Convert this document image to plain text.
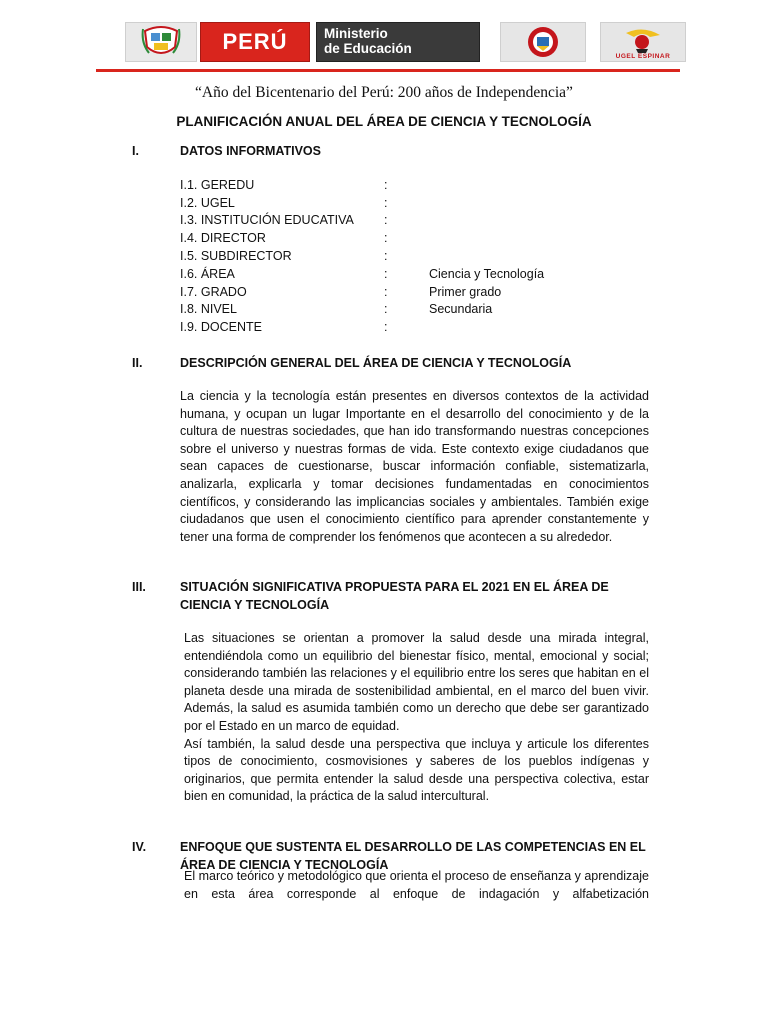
PERÚ	Ministerio
de Educación
UGEL ESPINAR
“Año del Bicentenario del Perú: 200 años de Independencia”
PLANIFICACIÓN ANUAL DEL ÁREA DE CIENCIA Y TECNOLOGÍA
I.	DATOS INFORMATIVOS
I.1. GEREDU	:
I.2. UGEL	:
I.3. INSTITUCIÓN EDUCATIVA :
I.4. DIRECTOR	:
I.5. SUBDIRECTOR	:
I.6. ÁREA	:	Ciencia y Tecnología
I.7. GRADO	:	Primer grado
I.8. NIVEL	:	Secundaria
I.9. DOCENTE	:
II.	DESCRIPCIÓN GENERAL DEL ÁREA DE CIENCIA Y TECNOLOGÍA

La ciencia y la tecnología están presentes en diversos contextos de la actividad humana, y ocupan un lugar Importante en el desarrollo del conocimiento y de la cultura de nuestras sociedades, que han ido transformando nuestras concepciones sobre el universo y nuestras formas de vida. Este contexto exige ciudadanos que sean capaces de cuestionarse, buscar información confiable, sistematizarla, analizarla, explicarla y tomar decisiones fundamentadas en conocimientos científicos, y considerando las implicancias sociales y ambientales. También exige ciudadanos que usen el conocimiento científico para aprender constantemente y tener una forma de comprender los fenómenos que acontecen a su alrededor.

III.	SITUACIÓN SIGNIFICATIVA PROPUESTA PARA EL 2021 EN EL ÁREA DE CIENCIA Y TECNOLOGÍA

Las situaciones se orientan a promover la salud desde una mirada integral, entendiéndola como un equilibrio del bienestar físico, mental, emocional y social; considerando también las relaciones y el equilibrio entre los seres que habitan en el planeta desde una mirada de sostenibilidad ambiental, en el marco del buen vivir. Además, la salud es asumida también como un derecho que debe ser garantizado por el Estado en un marco de equidad.

Así también, la salud desde una perspectiva que incluya y articule los diferentes tipos de conocimiento, cosmovisiones y saberes de los pueblos indígenas y originarios, que permita entender la salud desde una perspectiva colectiva, estar bien en comunidad, la práctica de la salud intercultural.

IV.	ENFOQUE QUE SUSTENTA EL DESARROLLO DE LAS COMPETENCIAS EN EL ÁREA DE CIENCIA Y TECNOLOGÍA

El marco teórico y metodológico que orienta el proceso de enseñanza y aprendizaje en esta área corresponde al enfoque de indagación y alfabetización
